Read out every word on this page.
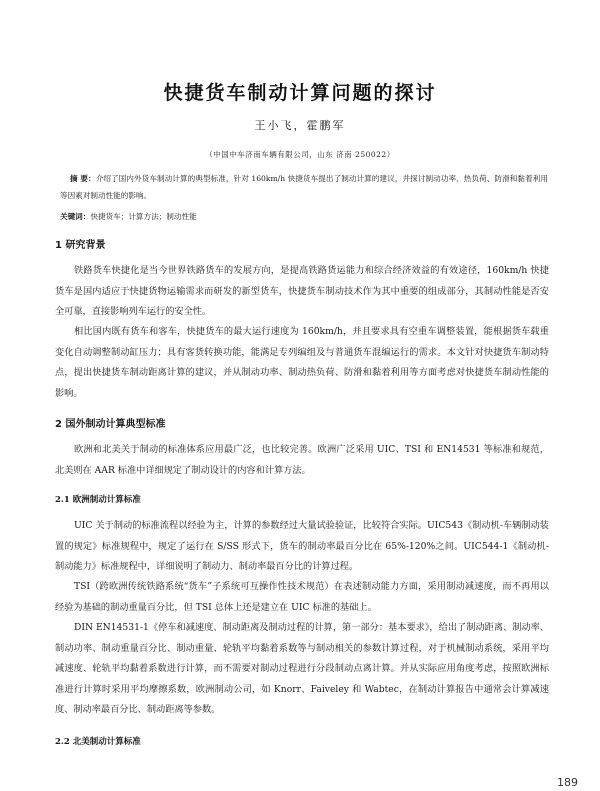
快捷货车制动计算问题的探讨
王小飞，霍鹏军
（中国中车济南车辆有限公司，山东 济南 250022）
摘 要：介绍了国内外货车制动计算的典型标准，针对 160km/h 快捷货车提出了制动计算的建议，并探讨制动功率、热负荷、防滑和黏着利用等因素对制动性能的影响。
关键词：快捷货车；计算方法；制动性能
1 研究背景
铁路货车快捷化是当今世界铁路货车的发展方向，是提高铁路货运能力和综合经济效益的有效途径，160km/h 快捷货车是国内适应于快捷货物运输需求而研发的新型货车，快捷货车制动技术作为其中重要的组成部分，其制动性能是否安全可靠，直接影响列车运行的安全性。
相比国内既有货车和客车，快捷货车的最大运行速度为 160km/h，并且要求具有空重车调整装置，能根据货车载重变化自动调整制动缸压力；具有客货转换功能，能满足专列编组及与普通货车混编运行的需求。本文针对快捷货车制动特点，提出快捷货车制动距离计算的建议，并从制动功率、制动热负荷、防滑和黏着利用等方面考虑对快捷货车制动性能的影响。
2 国外制动计算典型标准
欧洲和北美关于制动的标准体系应用最广泛，也比较完善。欧洲广泛采用 UIC、TSI 和 EN14531 等标准和规范，北美则在 AAR 标准中详细规定了制动设计的内容和计算方法。
2.1 欧洲制动计算标准
UIC 关于制动的标准流程以经验为主，计算的参数经过大量试验验证，比较符合实际。UIC543《制动机-车辆制动装置的规定》标准规程中，规定了运行在 S/SS 形式下，货车的制动率最百分比在 65%-120%之间。UIC544-1《制动机-制动能力》标准规程中，详细说明了制动力、制动率最百分比的计算过程。
TSI（跨欧洲传统铁路系统“货车”子系统可互操作性技术规范）在表述制动能力方面，采用制动减速度，而不再用以经验为基础的制动重量百分比，但 TSI 总体上还是建立在 UIC 标准的基础上。
DIN EN14531-1《停车和减速度、制动距离及制动过程的计算，第一部分：基本要求》，给出了制动距离、制动率、制动功率、制动重量百分比、制动重量、轮轨平均黏着系数等与制动相关的参数计算过程，对于机械制动系统，采用平均减速度、轮轨平均黏着系数进行计算，而不需要对制动过程进行分段制动点离计算。并从实际应用角度考虑，按照欧洲标准进行计算时采用平均摩擦系数，欧洲制动公司，如 Knorr、Faiveley 和 Wabtec，在制动计算报告中通常会计算减速度、制动率最百分比、制动距离等参数。
2.2 北美制动计算标准
189
